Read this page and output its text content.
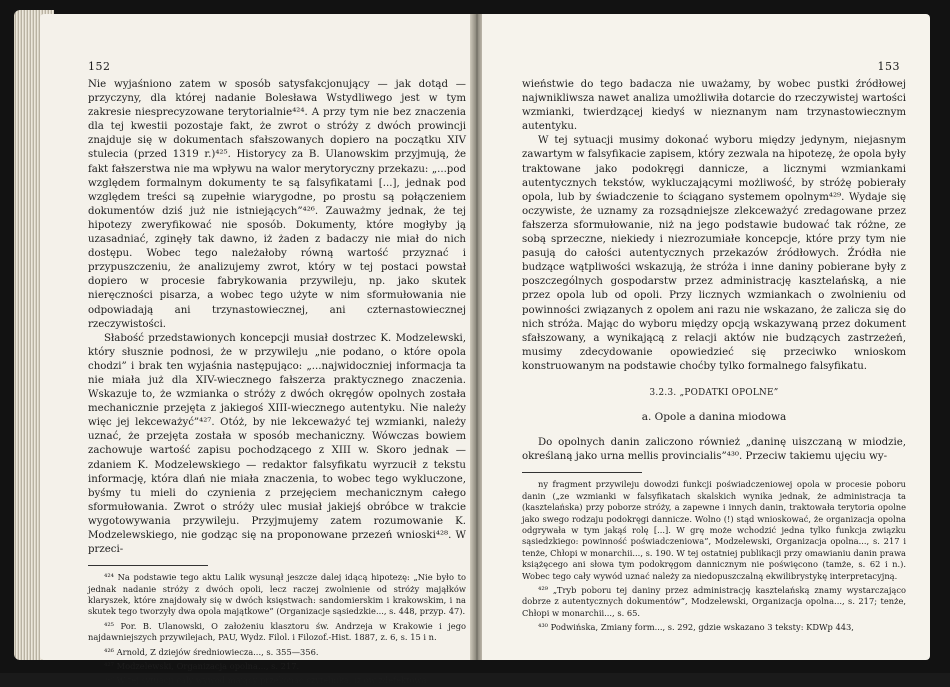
152

Nie wyjaśniono zatem w sposób satysfakcjonujący — jak dotąd — przyczyny, dla której nadanie Bolesława Wstydliwego jest w tym zakresie niesprecyzowane terytorialnie⁴²⁴. A przy tym nie bez znaczenia dla tej kwestii pozostaje fakt, że zwrot o stróży z dwóch prowincji znajduje się w dokumentach sfałszowanych dopiero na początku XIV stulecia (przed 1319 r.)⁴²⁵. Historycy za B. Ulanowskim przyjmują, że fakt fałszerstwa nie ma wpływu na walor merytoryczny przekazu: „...pod względem formalnym dokumenty te są falsyfikatami [...], jednak pod względem treści są zupełnie wiarygodne, po prostu są połączeniem dokumentów dziś już nie istniejących”⁴²⁶. Zauważmy jednak, że tej hipotezy zweryfikować nie sposób. Dokumenty, które mogłyby ją uzasadniać, zginęły tak dawno, iż żaden z badaczy nie miał do nich dostępu. Wobec tego należałoby równą wartość przyznać i przypuszczeniu, że analizujemy zwrot, który w tej postaci powstał dopiero w procesie fabrykowania przywileju, np. jako skutek nieręczności pisarza, a wobec tego użyte w nim sformułowania nie odpowiadają ani trzynastowiecznej, ani czternastowiecznej rzeczywistości.

Słabość przedstawionych koncepcji musiał dostrzec K. Modzelewski, który słusznie podnosi, że w przywileju „nie podano, o które opola chodzi” i brak ten wyjaśnia następująco: „...najwidoczniej informacja ta nie miała już dla XIV-wiecznego fałszerza praktycznego znaczenia. Wskazuje to, że wzmianka o stróży z dwóch okręgów opolnych została mechanicznie przejęta z jakiegoś XIII-wiecznego autentyku. Nie należy więc jej lekceważyć”⁴²⁷. Otóż, by nie lekceważyć tej wzmianki, należy uznać, że przejęta została w sposób mechaniczny. Wówczas bowiem zachowuje wartość zapisu pochodzącego z XIII w. Skoro jednak — zdaniem K. Modzelewskiego — redaktor falsyfikatu wyrzucił z tekstu informację, która dlań nie miała znaczenia, to wobec tego wykluczone, byśmy tu mieli do czynienia z przejęciem mechanicznym całego sformułowania. Zwrot o stróży ulec musiał jakiejś obróbce w trakcie wygotowywania przywileju. Przyjmujemy zatem rozumowanie K. Modzelewskiego, nie godząc się na proponowane przezeń wnioski⁴²⁸. W przeci-

⁴²⁴ Na podstawie tego aktu Lalik wysunął jeszcze dalej idącą hipotezę: „Nie było to jednak nadanie stróży z dwóch opoli, lecz raczej zwolnienie od stróży mająłków klaryszek, które znajdowały się w dwóch księstwach: sandomierskim i krakowskim, i na skutek tego tworzyły dwa opola majątkowe” (Organizacje sąsiedzkie..., s. 448, przyp. 47).

⁴²⁵ Por. B. Ulanowski, O założeniu klasztoru św. Andrzeja w Krakowie i jego najdawniejszych przywilejach, PAU, Wydz. Filol. i Filozof.-Hist. 1887, z. 6, s. 15 i n.

⁴²⁶ Arnold, Z dziejów średniowiecza..., s. 355—356.

⁴²⁷ Modzelewski, Organizacja opolna..., s. 217.

⁴²⁸ W tej sytuacji cały wywód mający przekonać czytelnika, iż ów zdefektowa-

153

wieństwie do tego badacza nie uważamy, by wobec pustki źródłowej najwnikliwsza nawet analiza umożliwiła dotarcie do rzeczywistej wartości wzmianki, twierdzącej kiedyś w nieznanym nam trzynastowiecznym autentyku.

W tej sytuacji musimy dokonać wyboru między jedynym, niejasnym zawartym w falsyfikacie zapisem, który zezwala na hipotezę, że opola były traktowane jako podokręgi dannicze, a licznymi wzmiankami autentycznych tekstów, wykluczającymi możliwość, by stróżę pobierały opola, lub by świadczenie to ściągano systemem opolnym⁴²⁹. Wydaje się oczywiste, że uznamy za rozsądniejsze zlekceważyć zredagowane przez fałszerza sformułowanie, niż na jego podstawie budować tak różne, ze sobą sprzeczne, niekiedy i niezrozumiałe koncepcje, które przy tym nie pasują do całości autentycznych przekazów źródłowych. Źródła nie budzące wątpliwości wskazują, że stróża i inne daniny pobierane były z poszczególnych gospodarstw przez administrację kasztelańską, a nie przez opola lub od opoli. Przy licznych wzmiankach o zwolnieniu od powinności związanych z opolem ani razu nie wskazano, że zalicza się do nich stróża. Mając do wyboru między opcją wskazywaną przez dokument sfałszowany, a wynikającą z relacji aktów nie budzących zastrzeżeń, musimy zdecydowanie opowiedzieć się przeciwko wnioskom konstruowanym na podstawie choćby tylko formalnego falsyfikatu.

3.2.3. „PODATKI OPOLNE”
a. Opole a danina miodowa

Do opolnych danin zaliczono również „daninę uiszczaną w miodzie, określaną jako urna mellis provincialis”⁴³⁰. Przeciw takiemu ujęciu wy-

ny fragment przywileju dowodzi funkcji poświadczeniowej opola w procesie poboru danin („ze wzmianki w falsyfikatach skalskich wynika jednak, że administracja ta (kasztelańska) przy poborze stróży, a zapewne i innych danin, traktowała terytoria opolne jako swego rodzaju podokręgi dannicze. Wolno (!) stąd wnioskować, że organizacja opolna odgrywała w tym jakąś rolę [...]. W grę może wchodzić jedna tylko funkcja związku sąsiedzkiego: powinność poświadczeniowa”, Modzelewski, Organizacja opolna..., s. 217 i tenże, Chłopi w monarchii..., s. 190. W tej ostatniej publikacji przy omawianiu danin prawa książęcego ani słowa tym podokręgom dannicznym nie poświęcono (tamże, s. 62 i n.). Wobec tego cały wywód uznać należy za niedopuszczalną ekwilibrystykę interpretacyjną.

⁴²⁹ „Tryb poboru tej daniny przez administrację kasztelańską znamy wystarczająco dobrze z autentycznych dokumentów”, Modzelewski, Organizacja opolna..., s. 217; tenże, Chłopi w monarchii..., s. 65.

⁴³⁰ Podwińska, Zmiany form..., s. 292, gdzie wskazano 3 teksty: KDWp 443,
